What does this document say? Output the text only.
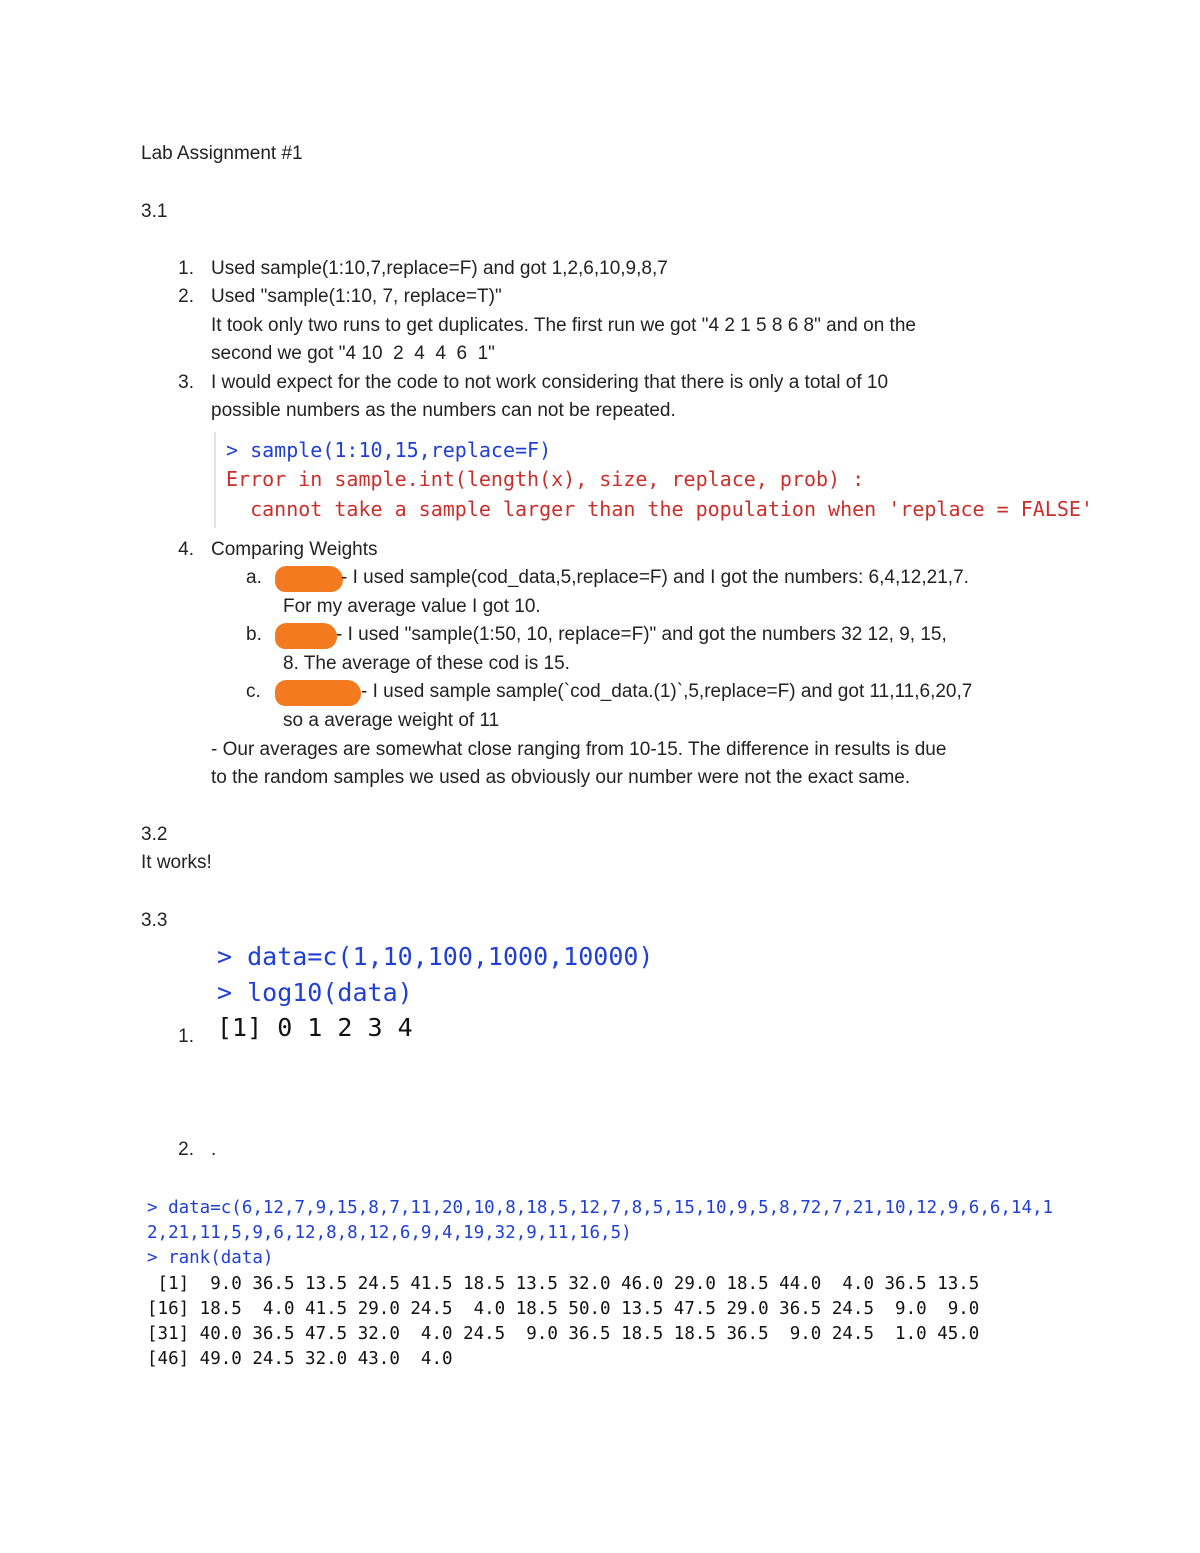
Lab Assignment #1
3.1
1. Used sample(1:10,7,replace=F) and got 1,2,6,10,9,8,7
2. Used "sample(1:10, 7, replace=T)"
It took only two runs to get duplicates. The first run we got "4 2 1 5 8 6 8" and on the
second we got "4 10  2  4  4  6  1"
3. I would expect for the code to not work considering that there is only a total of 10
possible numbers as the numbers can not be repeated.
> sample(1:10,15,replace=F)
Error in sample.int(length(x), size, replace, prob) :
cannot take a sample larger than the population when 'replace = FALSE'
4. Comparing Weights
a.	- I used sample(cod_data,5,replace=F) and I got the numbers: 6,4,12,21,7.
For my average value I got 10.
b.	- I used "sample(1:50, 10, replace=F)" and got the numbers 32 12, 9, 15,
8. The average of these cod is 15.
c.	- I used sample sample(`cod_data.(1)`,5,replace=F) and got 11,11,6,20,7
so a average weight of 11
- Our averages are somewhat close ranging from 10-15. The difference in results is due
to the random samples we used as obviously our number were not the exact same.
3.2
It works!
3.3
> data=c(1,10,100,1000,10000)
> log10(data)
[1] 0 1 2 3 4
1.
2. .
> data=c(6,12,7,9,15,8,7,11,20,10,8,18,5,12,7,8,5,15,10,9,5,8,72,7,21,10,12,9,6,6,14,1
2,21,11,5,9,6,12,8,8,12,6,9,4,19,32,9,11,16,5)
> rank(data)
[1]  9.0 36.5 13.5 24.5 41.5 18.5 13.5 32.0 46.0 29.0 18.5 44.0  4.0 36.5 13.5
[16] 18.5  4.0 41.5 29.0 24.5  4.0 18.5 50.0 13.5 47.5 29.0 36.5 24.5  9.0  9.0
[31] 40.0 36.5 47.5 32.0  4.0 24.5  9.0 36.5 18.5 18.5 36.5  9.0 24.5  1.0 45.0
[46] 49.0 24.5 32.0 43.0  4.0
